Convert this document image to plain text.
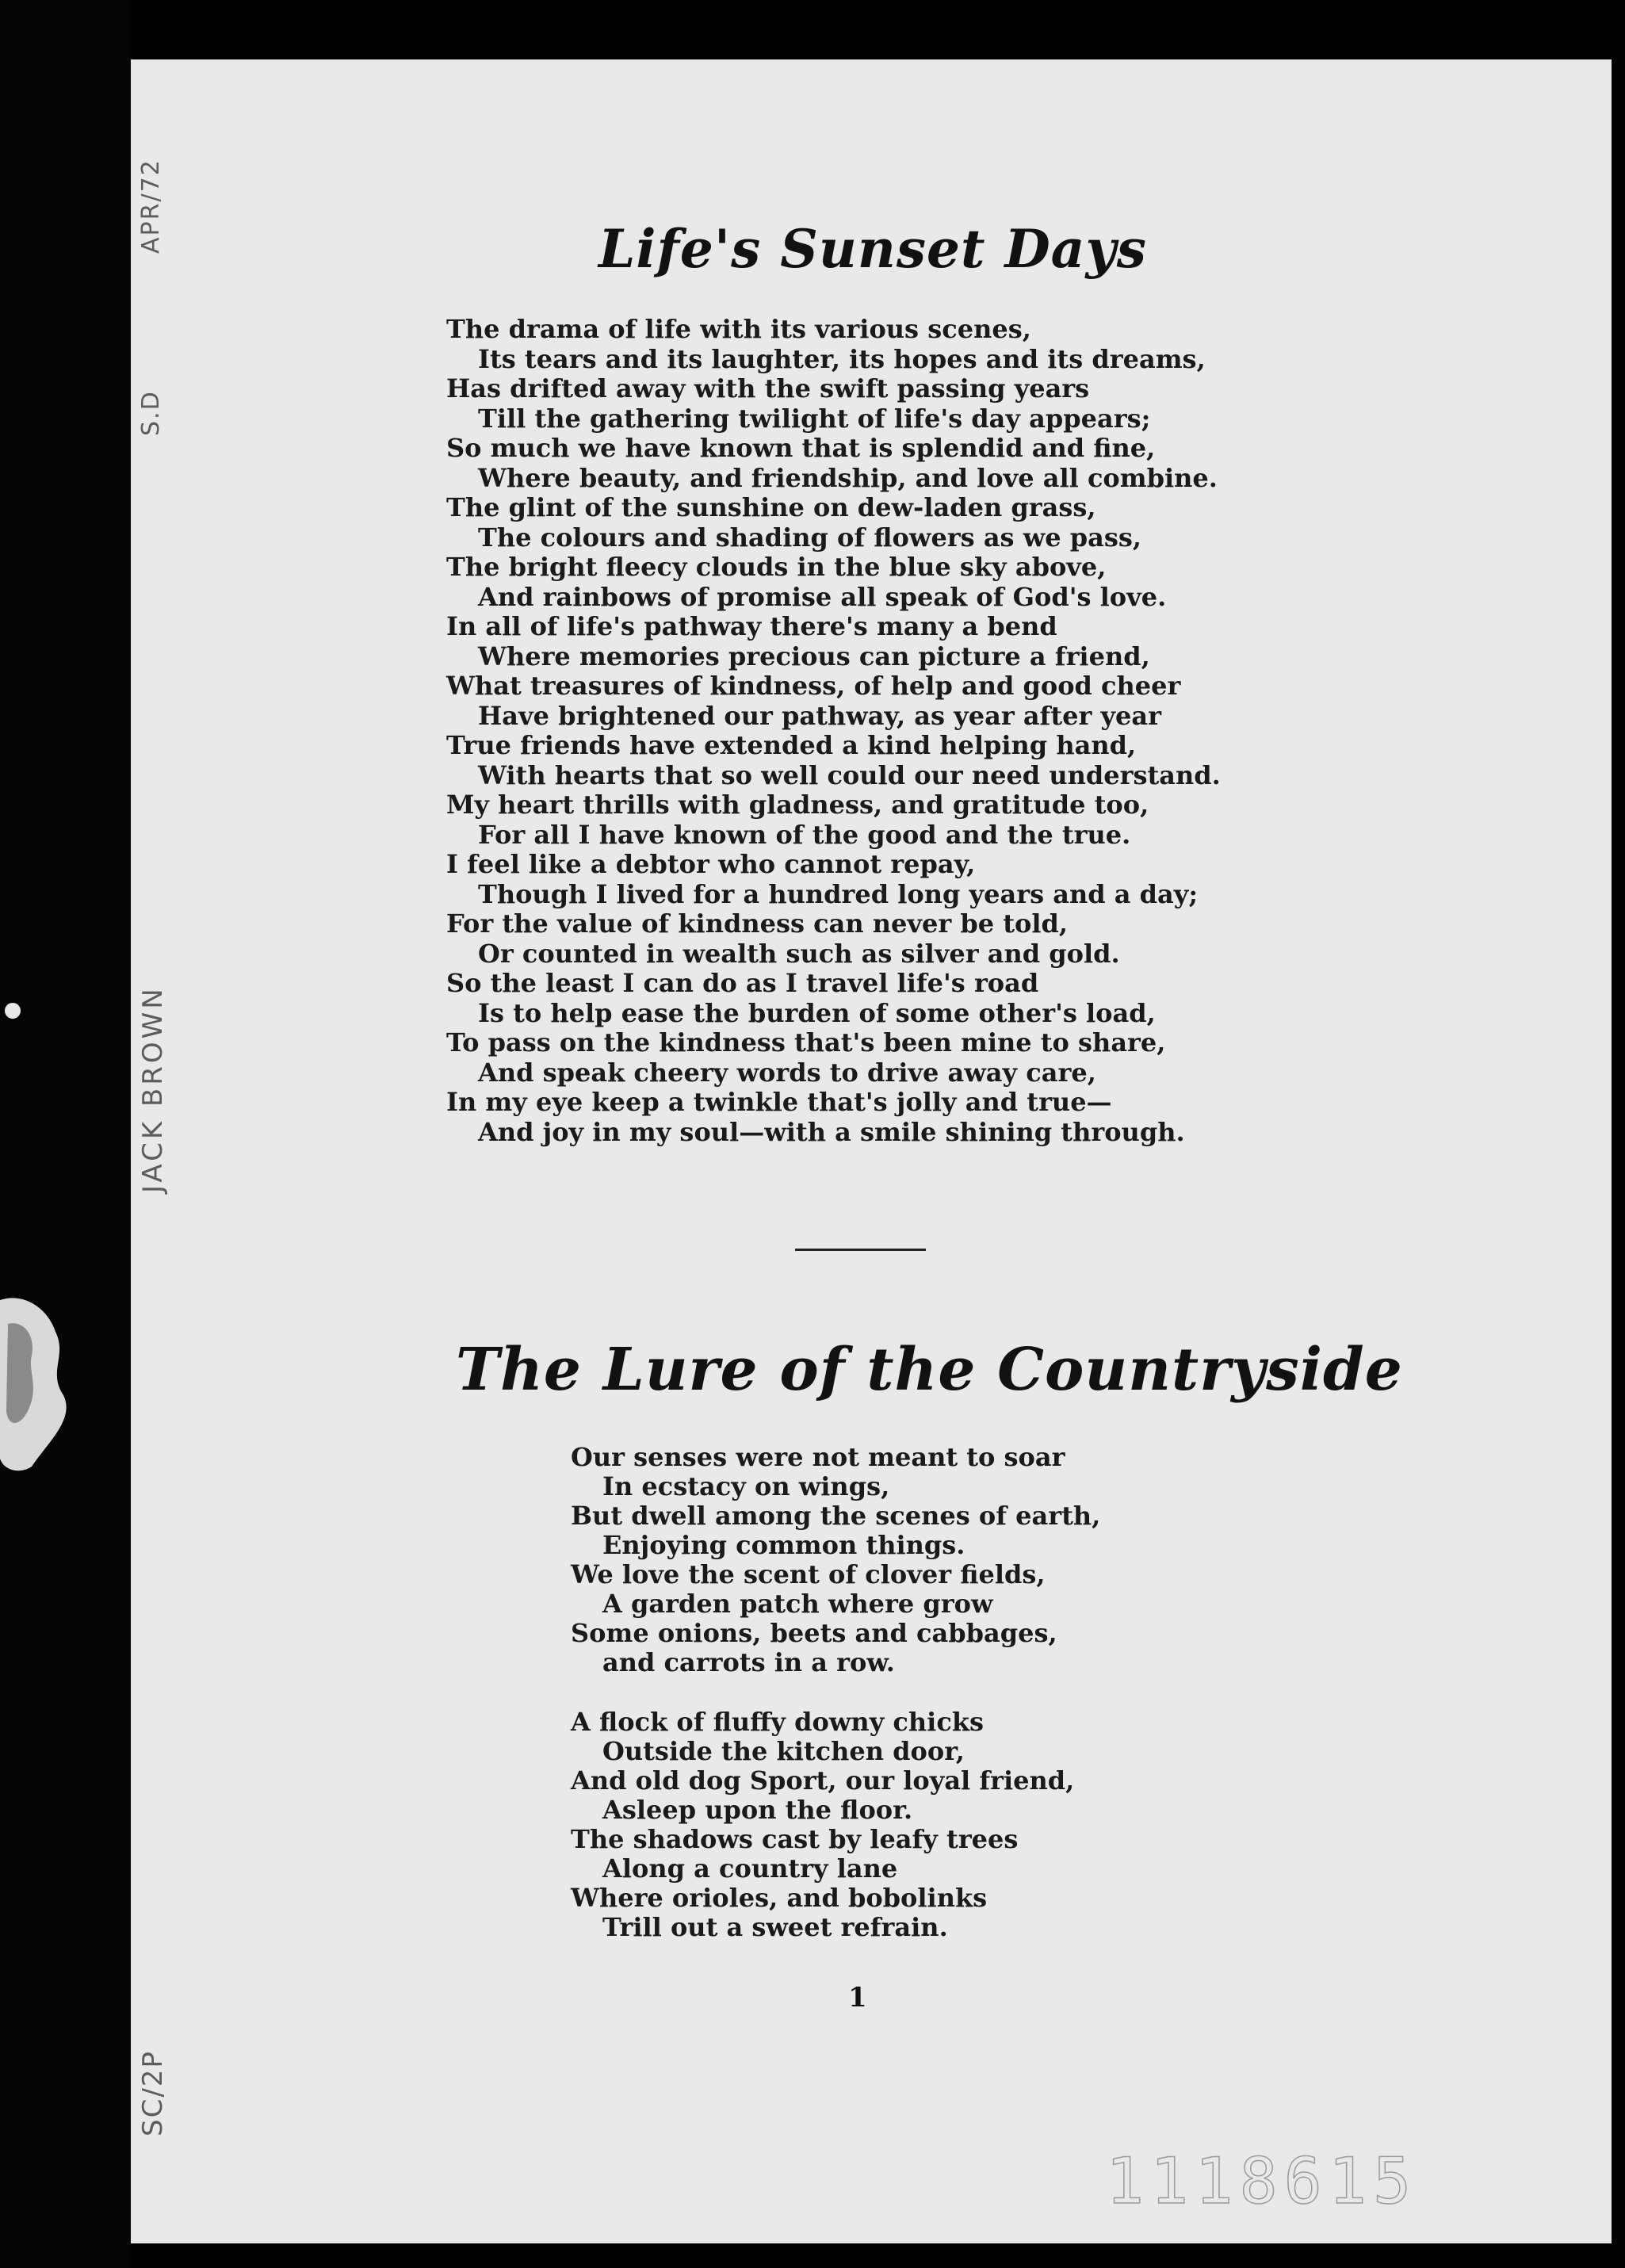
APR/72
S.D
JACK BROWN
SC/2P
Life's Sunset Days
The drama of life with its various scenes,
Its tears and its laughter, its hopes and its dreams,
Has drifted away with the swift passing years
Till the gathering twilight of life's day appears;
So much we have known that is splendid and fine,
Where beauty, and friendship, and love all combine.
The glint of the sunshine on dew-laden grass,
The colours and shading of flowers as we pass,
The bright fleecy clouds in the blue sky above,
And rainbows of promise all speak of God's love.
In all of life's pathway there's many a bend
Where memories precious can picture a friend,
What treasures of kindness, of help and good cheer
Have brightened our pathway, as year after year
True friends have extended a kind helping hand,
With hearts that so well could our need understand.
My heart thrills with gladness, and gratitude too,
For all I have known of the good and the true.
I feel like a debtor who cannot repay,
Though I lived for a hundred long years and a day;
For the value of kindness can never be told,
Or counted in wealth such as silver and gold.
So the least I can do as I travel life's road
Is to help ease the burden of some other's load,
To pass on the kindness that's been mine to share,
And speak cheery words to drive away care,
In my eye keep a twinkle that's jolly and true—
And joy in my soul—with a smile shining through.
The Lure of the Countryside
Our senses were not meant to soar
In ecstacy on wings,
But dwell among the scenes of earth,
Enjoying common things.
We love the scent of clover fields,
A garden patch where grow
Some onions, beets and cabbages,
and carrots in a row.
A flock of fluffy downy chicks
Outside the kitchen door,
And old dog Sport, our loyal friend,
Asleep upon the floor.
The shadows cast by leafy trees
Along a country lane
Where orioles, and bobolinks
Trill out a sweet refrain.
1
1118615
